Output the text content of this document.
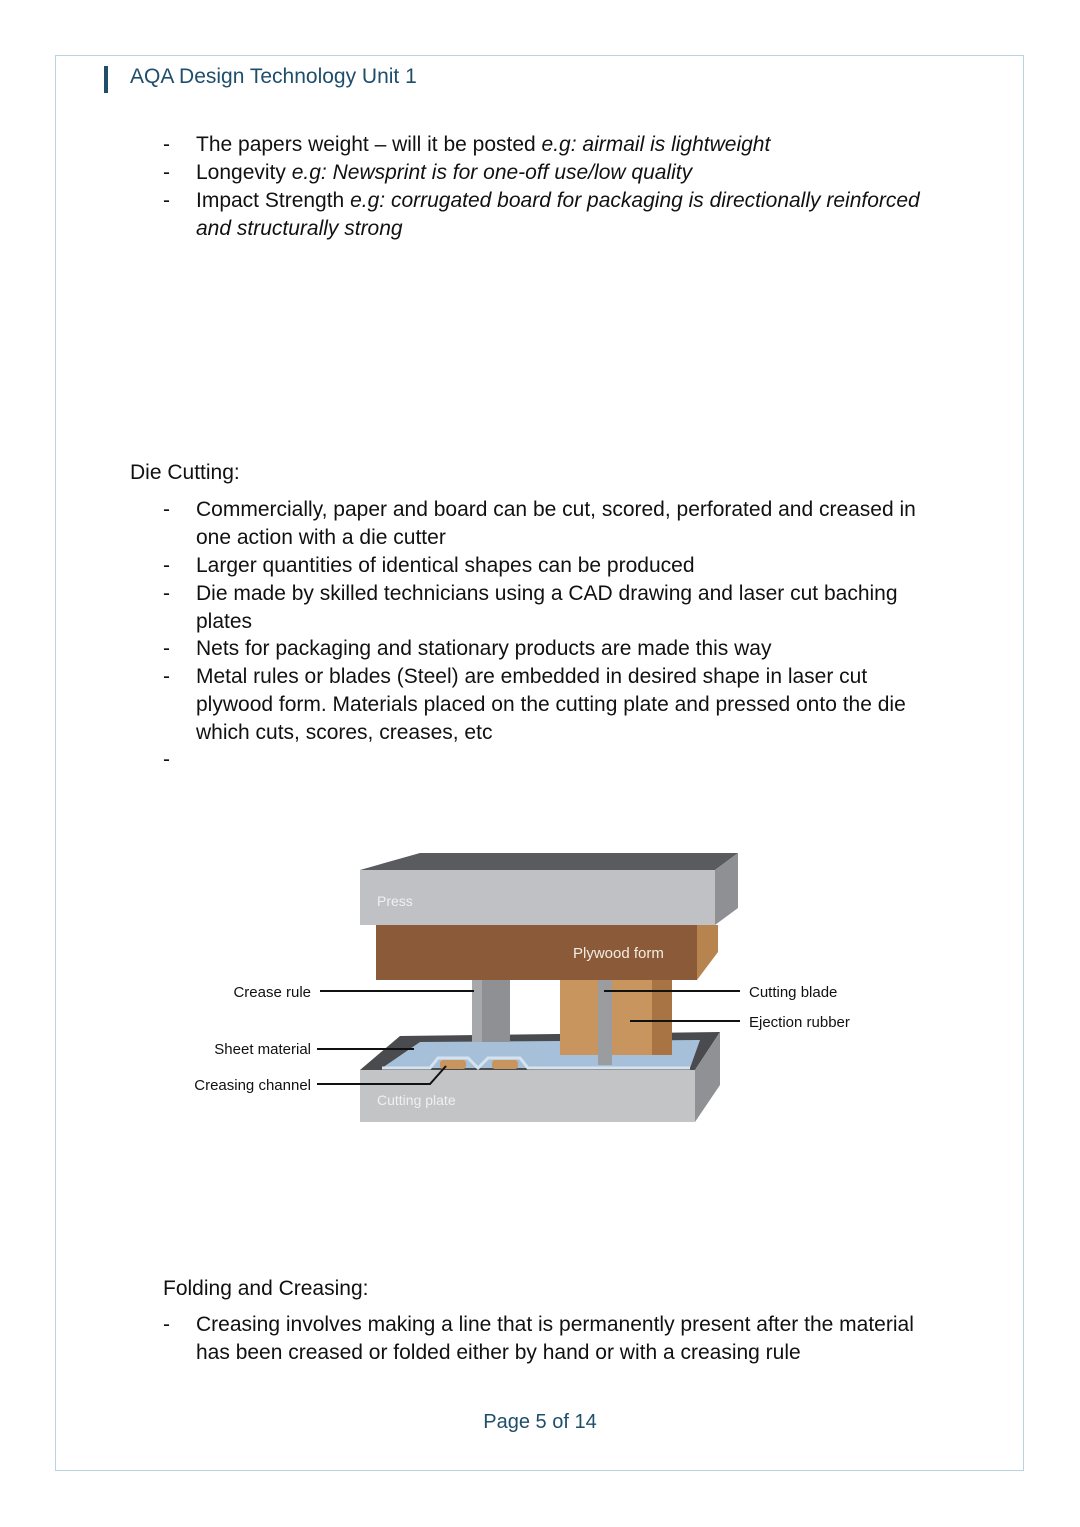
AQA Design Technology Unit 1
- The papers weight – will it be posted e.g: airmail is lightweight
- Longevity e.g: Newsprint is for one-off use/low quality
- Impact Strength e.g: corrugated board for packaging is directionally reinforced
and structurally strong
Die Cutting:
- Commercially, paper and board can be cut, scored, perforated and creased in
one action with a die cutter
- Larger quantities of identical shapes can be produced
- Die made by skilled technicians using a CAD drawing and laser cut baching
plates
- Nets for packaging and stationary products are made this way
- Metal rules or blades (Steel) are embedded in desired shape in laser cut
plywood form. Materials placed on the cutting plate and pressed onto the die
which cuts, scores, creases, etc
-
Press
Plywood form
Cutting plate
Crease rule
Sheet material
Creasing channel
Cutting blade
Ejection rubber
Folding and Creasing:
- Creasing involves making a line that is permanently present after the material
has been creased or folded either by hand or with a creasing rule
Page 5 of 14
